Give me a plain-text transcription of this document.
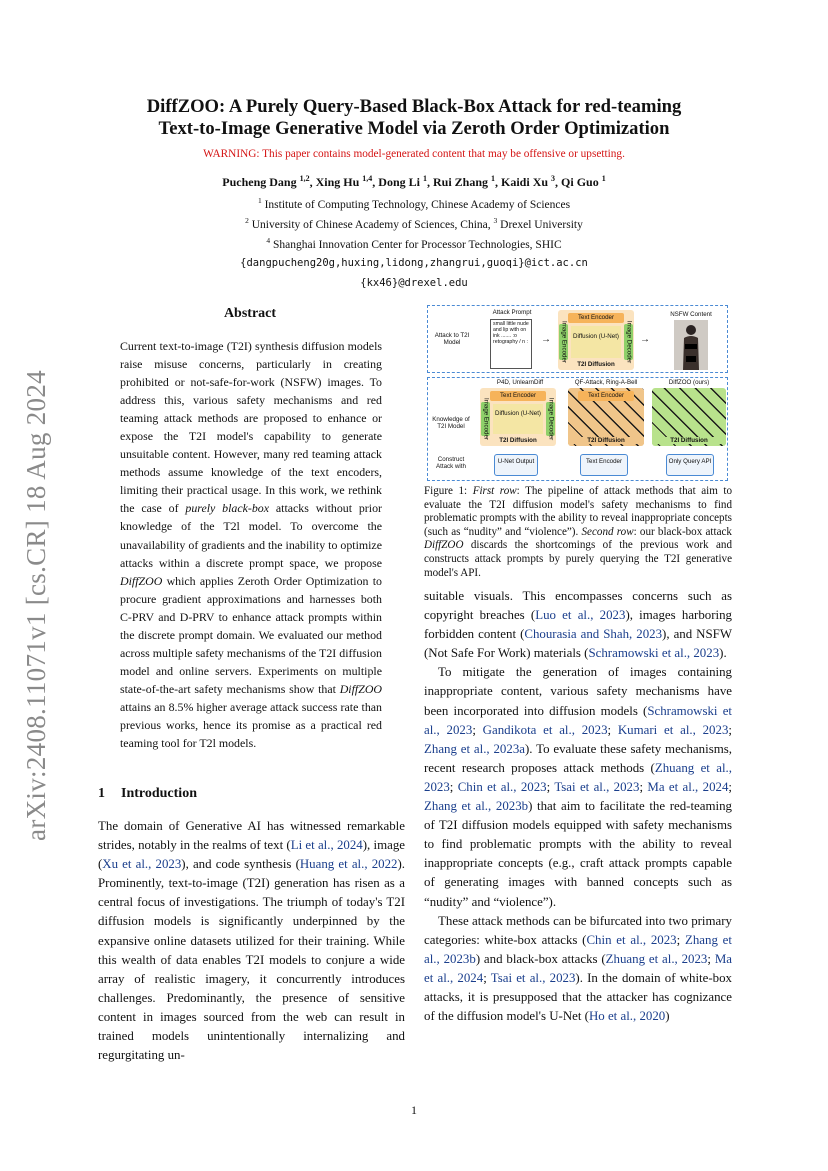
arXiv:2408.11071v1 [cs.CR] 18 Aug 2024
DiffZOO: A Purely Query-Based Black-Box Attack for red-teaming
Text-to-Image Generative Model via Zeroth Order Optimization
WARNING: This paper contains model-generated content that may be offensive or upsetting.
Pucheng Dang $^{1,2}$, Xing Hu $^{1,4}$, Dong Li $^1$, Rui Zhang $^1$, Kaidi Xu $^3$, Qi Guo $^1$
$^1$ Institute of Computing Technology, Chinese Academy of Sciences
$^2$ University of Chinese Academy of Sciences, China, $^3$ Drexel University
$^4$ Shanghai Innovation Center for Processor Technologies, SHIC
{dangpucheng20g,huxing,lidong,zhangrui,guoqi}@ict.ac.cn
{kx46}@drexel.edu
Abstract
Current text-to-image (T2I) synthesis diffusion models raise misuse concerns, particularly in creating prohibited or not-safe-for-work (NSFW) images. To address this, various safety mechanisms and red teaming attack methods are proposed to enhance or expose the T2I model's capability to generate unsuitable content. However, many red teaming attack methods assume knowledge of the text encoders, limiting their practical usage. In this work, we rethink the case of purely black-box attacks without prior knowledge of the T2l model. To overcome the unavailability of gradients and the inability to optimize attacks within a discrete prompt space, we propose DiffZOO which applies Zeroth Order Optimization to procure gradient approximations and harnesses both C-PRV and D-PRV to enhance attack prompts within the discrete prompt domain. We evaluated our method across multiple safety mechanisms of the T2I diffusion model and online servers. Experiments on multiple state-of-the-art safety mechanisms show that DiffZOO attains an 8.5% higher average attack success rate than previous works, hence its promise as a practical red teaming tool for T2l models.
1 Introduction
The domain of Generative AI has witnessed remarkable strides, notably in the realms of text (Li et al., 2024), image (Xu et al., 2023), and code synthesis (Huang et al., 2022). Prominently, text-to-image (T2I) generation has risen as a central focus of investigations. The triumph of today's T2I diffusion models is significantly underpinned by the expansive online datasets utilized for their training. While this wealth of data enables T2I models to conjure a wide array of realistic imagery, it concurrently introduces challenges. Predominantly, the presence of sensitive content in images sourced from the web can result in trained models unintentionally internalizing and regurgitating un-
Attack to T2I Model
Attack Prompt
small little nude and lip with on ink ....... :o retography / n :	→
Text Encoder
Image Encoder Diffusion (U-Net) Image Decoder
T2I Diffusion
→
NSFW Content
Knowledge of T2I Model
Construct Attack with
P4D, UnlearnDiff
Text Encoder
Image Encoder Diffusion (U-Net) Image Decoder
T2I Diffusion
U-Net Output
QF-Attack, Ring-A-Bell
Text Encoder
T2I Diffusion
Text Encoder
DiffZOO (ours)
T2I Diffusion
Only Query API
Figure 1: First row: The pipeline of attack methods that aim to evaluate the T2I diffusion model's safety mechanisms to find problematic prompts with the ability to reveal inappropriate concepts (such as “nudity” and “violence”). Second row: our black-box attack DiffZOO discards the shortcomings of the previous work and constructs attack prompts by purely querying the T2I generative model's API.

suitable visuals. This encompasses concerns such as copyright breaches (Luo et al., 2023), images harboring forbidden content (Chourasia and Shah, 2023), and NSFW (Not Safe For Work) materials (Schramowski et al., 2023).

To mitigate the generation of images containing inappropriate content, various safety mechanisms have been incorporated into diffusion models (Schramowski et al., 2023; Gandikota et al., 2023; Kumari et al., 2023; Zhang et al., 2023a). To evaluate these safety mechanisms, recent research proposes attack methods (Zhuang et al., 2023; Chin et al., 2023; Tsai et al., 2023; Ma et al., 2024; Zhang et al., 2023b) that aim to facilitate the red-teaming of T2I diffusion models equipped with safety mechanisms to find problematic prompts with the ability to reveal inappropriate concepts (e.g., craft attack prompts capable of generating images with banned concepts such as “nudity” and “violence”).

These attack methods can be bifurcated into two primary categories: white-box attacks (Chin et al., 2023; Zhang et al., 2023b) and black-box attacks (Zhuang et al., 2023; Ma et al., 2024; Tsai et al., 2023). In the domain of white-box attacks, it is presupposed that the attacker has cognizance of the diffusion model's U-Net (Ho et al., 2020)

1
